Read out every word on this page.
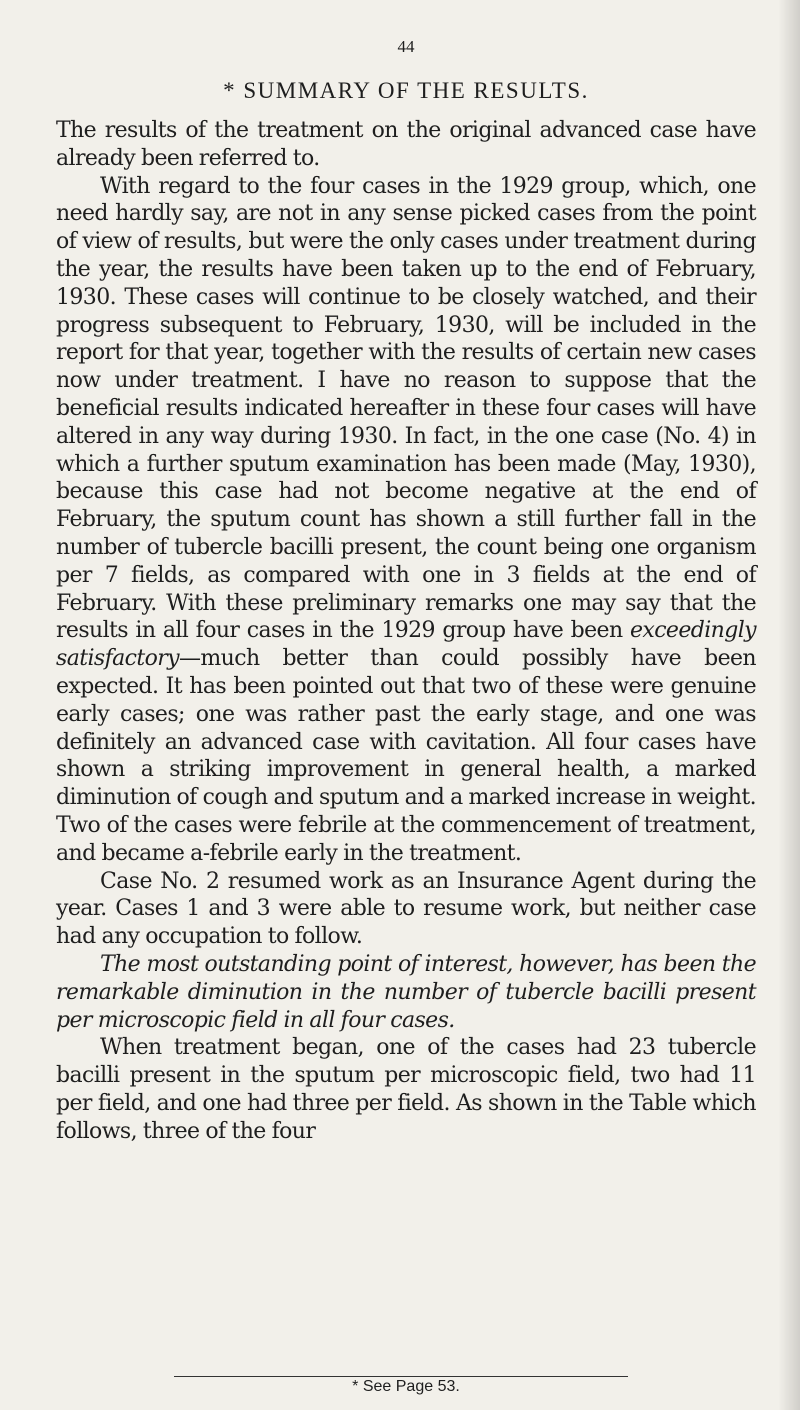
44
* SUMMARY OF THE RESULTS.

The results of the treatment on the original advanced case have already been referred to.

With regard to the four cases in the 1929 group, which, one need hardly say, are not in any sense picked cases from the point of view of results, but were the only cases under treatment during the year, the results have been taken up to the end of February, 1930. These cases will continue to be closely watched, and their progress subsequent to February, 1930, will be included in the report for that year, together with the results of certain new cases now under treatment. I have no reason to suppose that the beneficial results indicated hereafter in these four cases will have altered in any way during 1930. In fact, in the one case (No. 4) in which a further sputum examination has been made (May, 1930), because this case had not become negative at the end of February, the sputum count has shown a still further fall in the number of tubercle bacilli present, the count being one organism per 7 fields, as compared with one in 3 fields at the end of February. With these preliminary remarks one may say that the results in all four cases in the 1929 group have been exceedingly satisfactory—much better than could possibly have been expected. It has been pointed out that two of these were genuine early cases; one was rather past the early stage, and one was definitely an advanced case with cavitation. All four cases have shown a striking improvement in general health, a marked diminution of cough and sputum and a marked increase in weight. Two of the cases were febrile at the commencement of treatment, and became a-febrile early in the treatment.

Case No. 2 resumed work as an Insurance Agent during the year. Cases 1 and 3 were able to resume work, but neither case had any occupation to follow.

The most outstanding point of interest, however, has been the remarkable diminution in the number of tubercle bacilli present per microscopic field in all four cases.

When treatment began, one of the cases had 23 tubercle bacilli present in the sputum per microscopic field, two had 11 per field, and one had three per field. As shown in the Table which follows, three of the four

* See Page 53.
